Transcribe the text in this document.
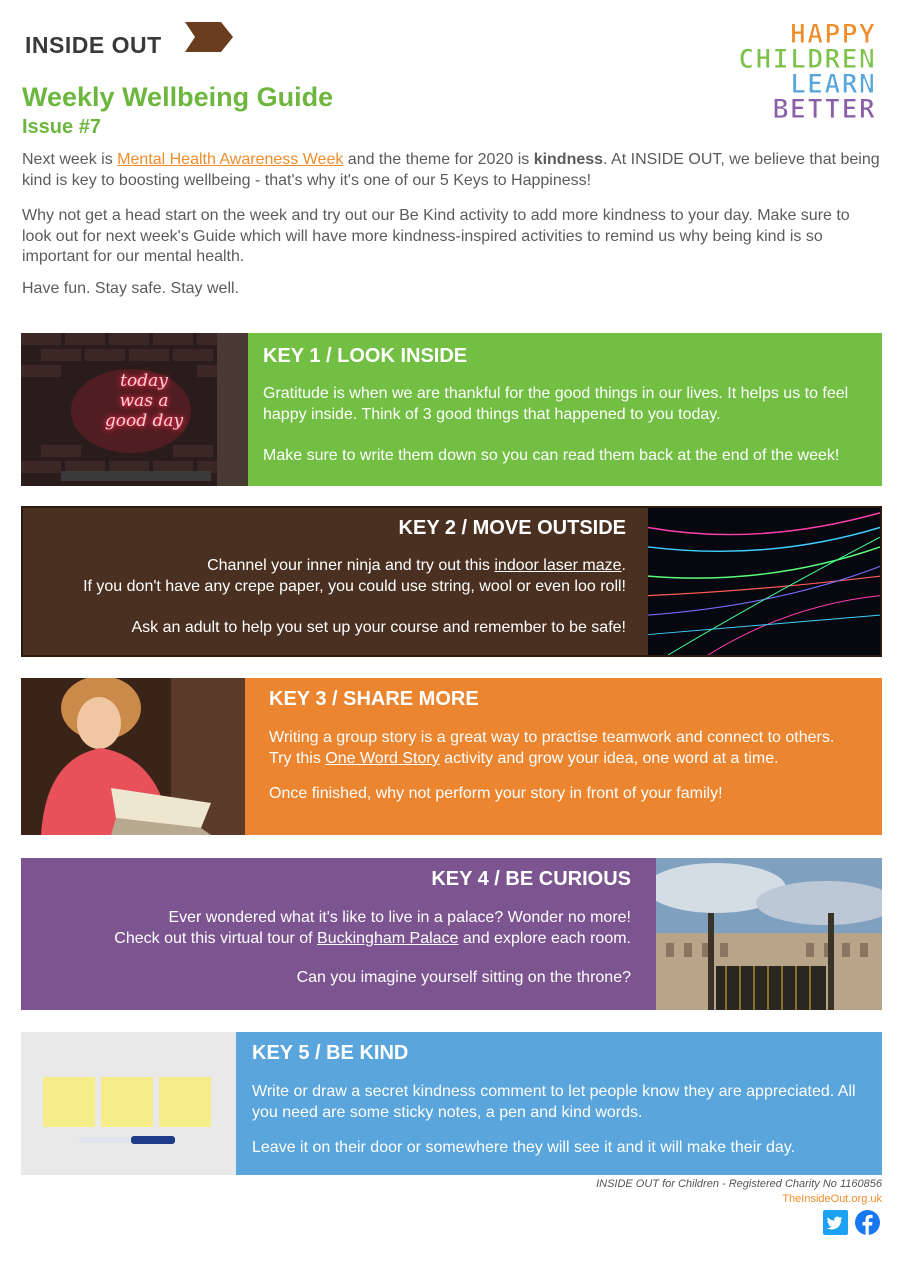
INSIDE OUT	HAPPY
CHILDREN
LEARN
BETTER
Weekly Wellbeing Guide
Issue #7
Next week is Mental Health Awareness Week and the theme for 2020 is kindness. At INSIDE OUT, we believe that being kind is key to boosting wellbeing - that's why it's one of our 5 Keys to Happiness!
Why not get a head start on the week and try out our Be Kind activity to add more kindness to your day. Make sure to look out for next week's Guide which will have more kindness-inspired activities to remind us why being kind is so important for our mental health.
Have fun. Stay safe. Stay well.
today
was a
good day
KEY 1 / LOOK INSIDE

Gratitude is when we are thankful for the good things in our lives. It helps us to feel happy inside. Think of 3 good things that happened to you today.

Make sure to write them down so you can read them back at the end of the week!

KEY 2 / MOVE OUTSIDE

Channel your inner ninja and try out this indoor laser maze.
If you don't have any crepe paper, you could use string, wool or even loo roll!

Ask an adult to help you set up your course and remember to be safe!

KEY 3 / SHARE MORE

Writing a group story is a great way to practise teamwork and connect to others.
Try this One Word Story activity and grow your idea, one word at a time.

Once finished, why not perform your story in front of your family!

KEY 4 / BE CURIOUS

Ever wondered what it's like to live in a palace? Wonder no more!
Check out this virtual tour of Buckingham Palace and explore each room.

Can you imagine yourself sitting on the throne?

KEY 5 / BE KIND

Write or draw a secret kindness comment to let people know they are appreciated. All you need are some sticky notes, a pen and kind words.

Leave it on their door or somewhere they will see it and it will make their day.

INSIDE OUT for Children - Registered Charity No 1160856
TheInsideOut.org.uk
